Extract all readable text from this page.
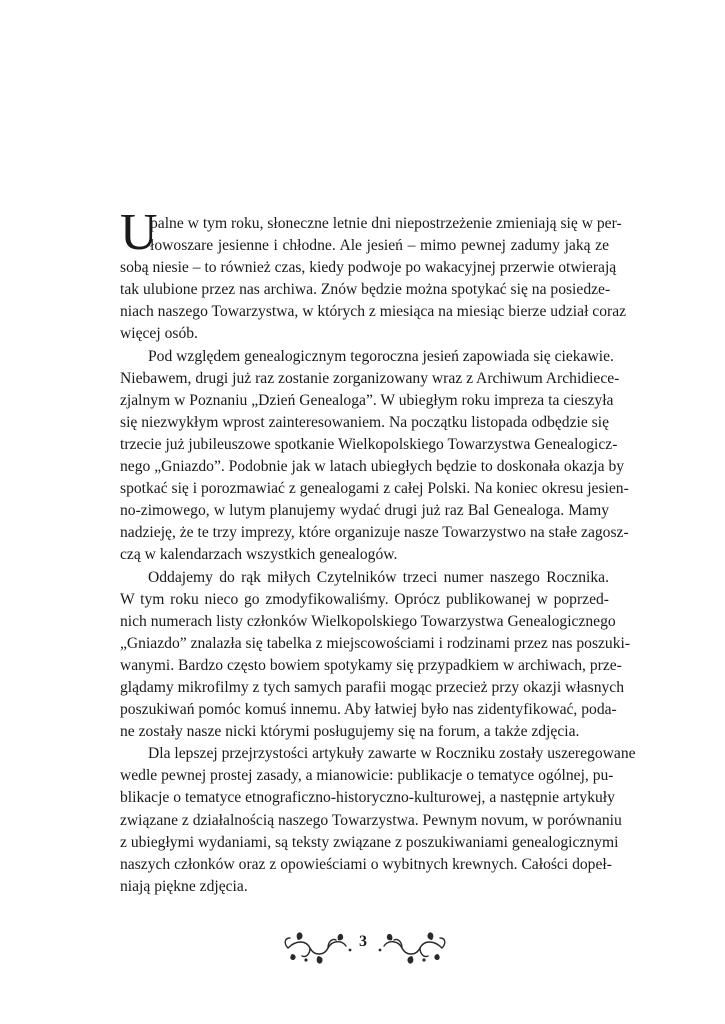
U
palne w tym roku, słoneczne letnie dni niepostrzeżenie zmieniają się w per-
łowoszare jesienne i chłodne. Ale jesień – mimo pewnej zadumy jaką ze
sobą niesie – to również czas, kiedy podwoje po wakacyjnej przerwie otwierają
tak ulubione przez nas archiwa. Znów będzie można spotykać się na posiedze-
niach naszego Towarzystwa, w których z miesiąca na miesiąc bierze udział coraz
więcej osób.
Pod względem genealogicznym tegoroczna jesień zapowiada się ciekawie.
Niebawem, drugi już raz zostanie zorganizowany wraz z Archiwum Archidiece-
zjalnym w Poznaniu „Dzień Genealoga”. W ubiegłym roku impreza ta cieszyła
się niezwykłym wprost zainteresowaniem. Na początku listopada odbędzie się
trzecie już jubileuszowe spotkanie Wielkopolskiego Towarzystwa Genealogicz-
nego „Gniazdo”. Podobnie jak w latach ubiegłych będzie to doskonała okazja by
spotkać się i porozmawiać z genealogami z całej Polski. Na koniec okresu jesien-
no-zimowego, w lutym planujemy wydać drugi już raz Bal Genealoga. Mamy
nadzieję, że te trzy imprezy, które organizuje nasze Towarzystwo na stałe zagosz-
czą w kalendarzach wszystkich genealogów.
Oddajemy do rąk miłych Czytelników trzeci numer naszego Rocznika.
W tym roku nieco go zmodyfikowaliśmy. Oprócz publikowanej w poprzed-
nich numerach listy członków Wielkopolskiego Towarzystwa Genealogicznego
„Gniazdo” znalazła się tabelka z miejscowościami i rodzinami przez nas poszuki-
wanymi. Bardzo często bowiem spotykamy się przypadkiem w archiwach, prze-
glądamy mikrofilmy z tych samych parafii mogąc przecież przy okazji własnych
poszukiwań pomóc komuś innemu. Aby łatwiej było nas zidentyfikować, poda-
ne zostały nasze nicki którymi posługujemy się na forum, a także zdjęcia.
Dla lepszej przejrzystości artykuły zawarte w Roczniku zostały uszeregowane
wedle pewnej prostej zasady, a mianowicie: publikacje o tematyce ogólnej, pu-
blikacje o tematyce etnograficzno-historyczno-kulturowej, a następnie artykuły
związane z działalnością naszego Towarzystwa. Pewnym novum, w porównaniu
z ubiegłymi wydaniami, są teksty związane z poszukiwaniami genealogicznymi
naszych członków oraz z opowieściami o wybitnych krewnych. Całości dopeł-
niają piękne zdjęcia.
3
